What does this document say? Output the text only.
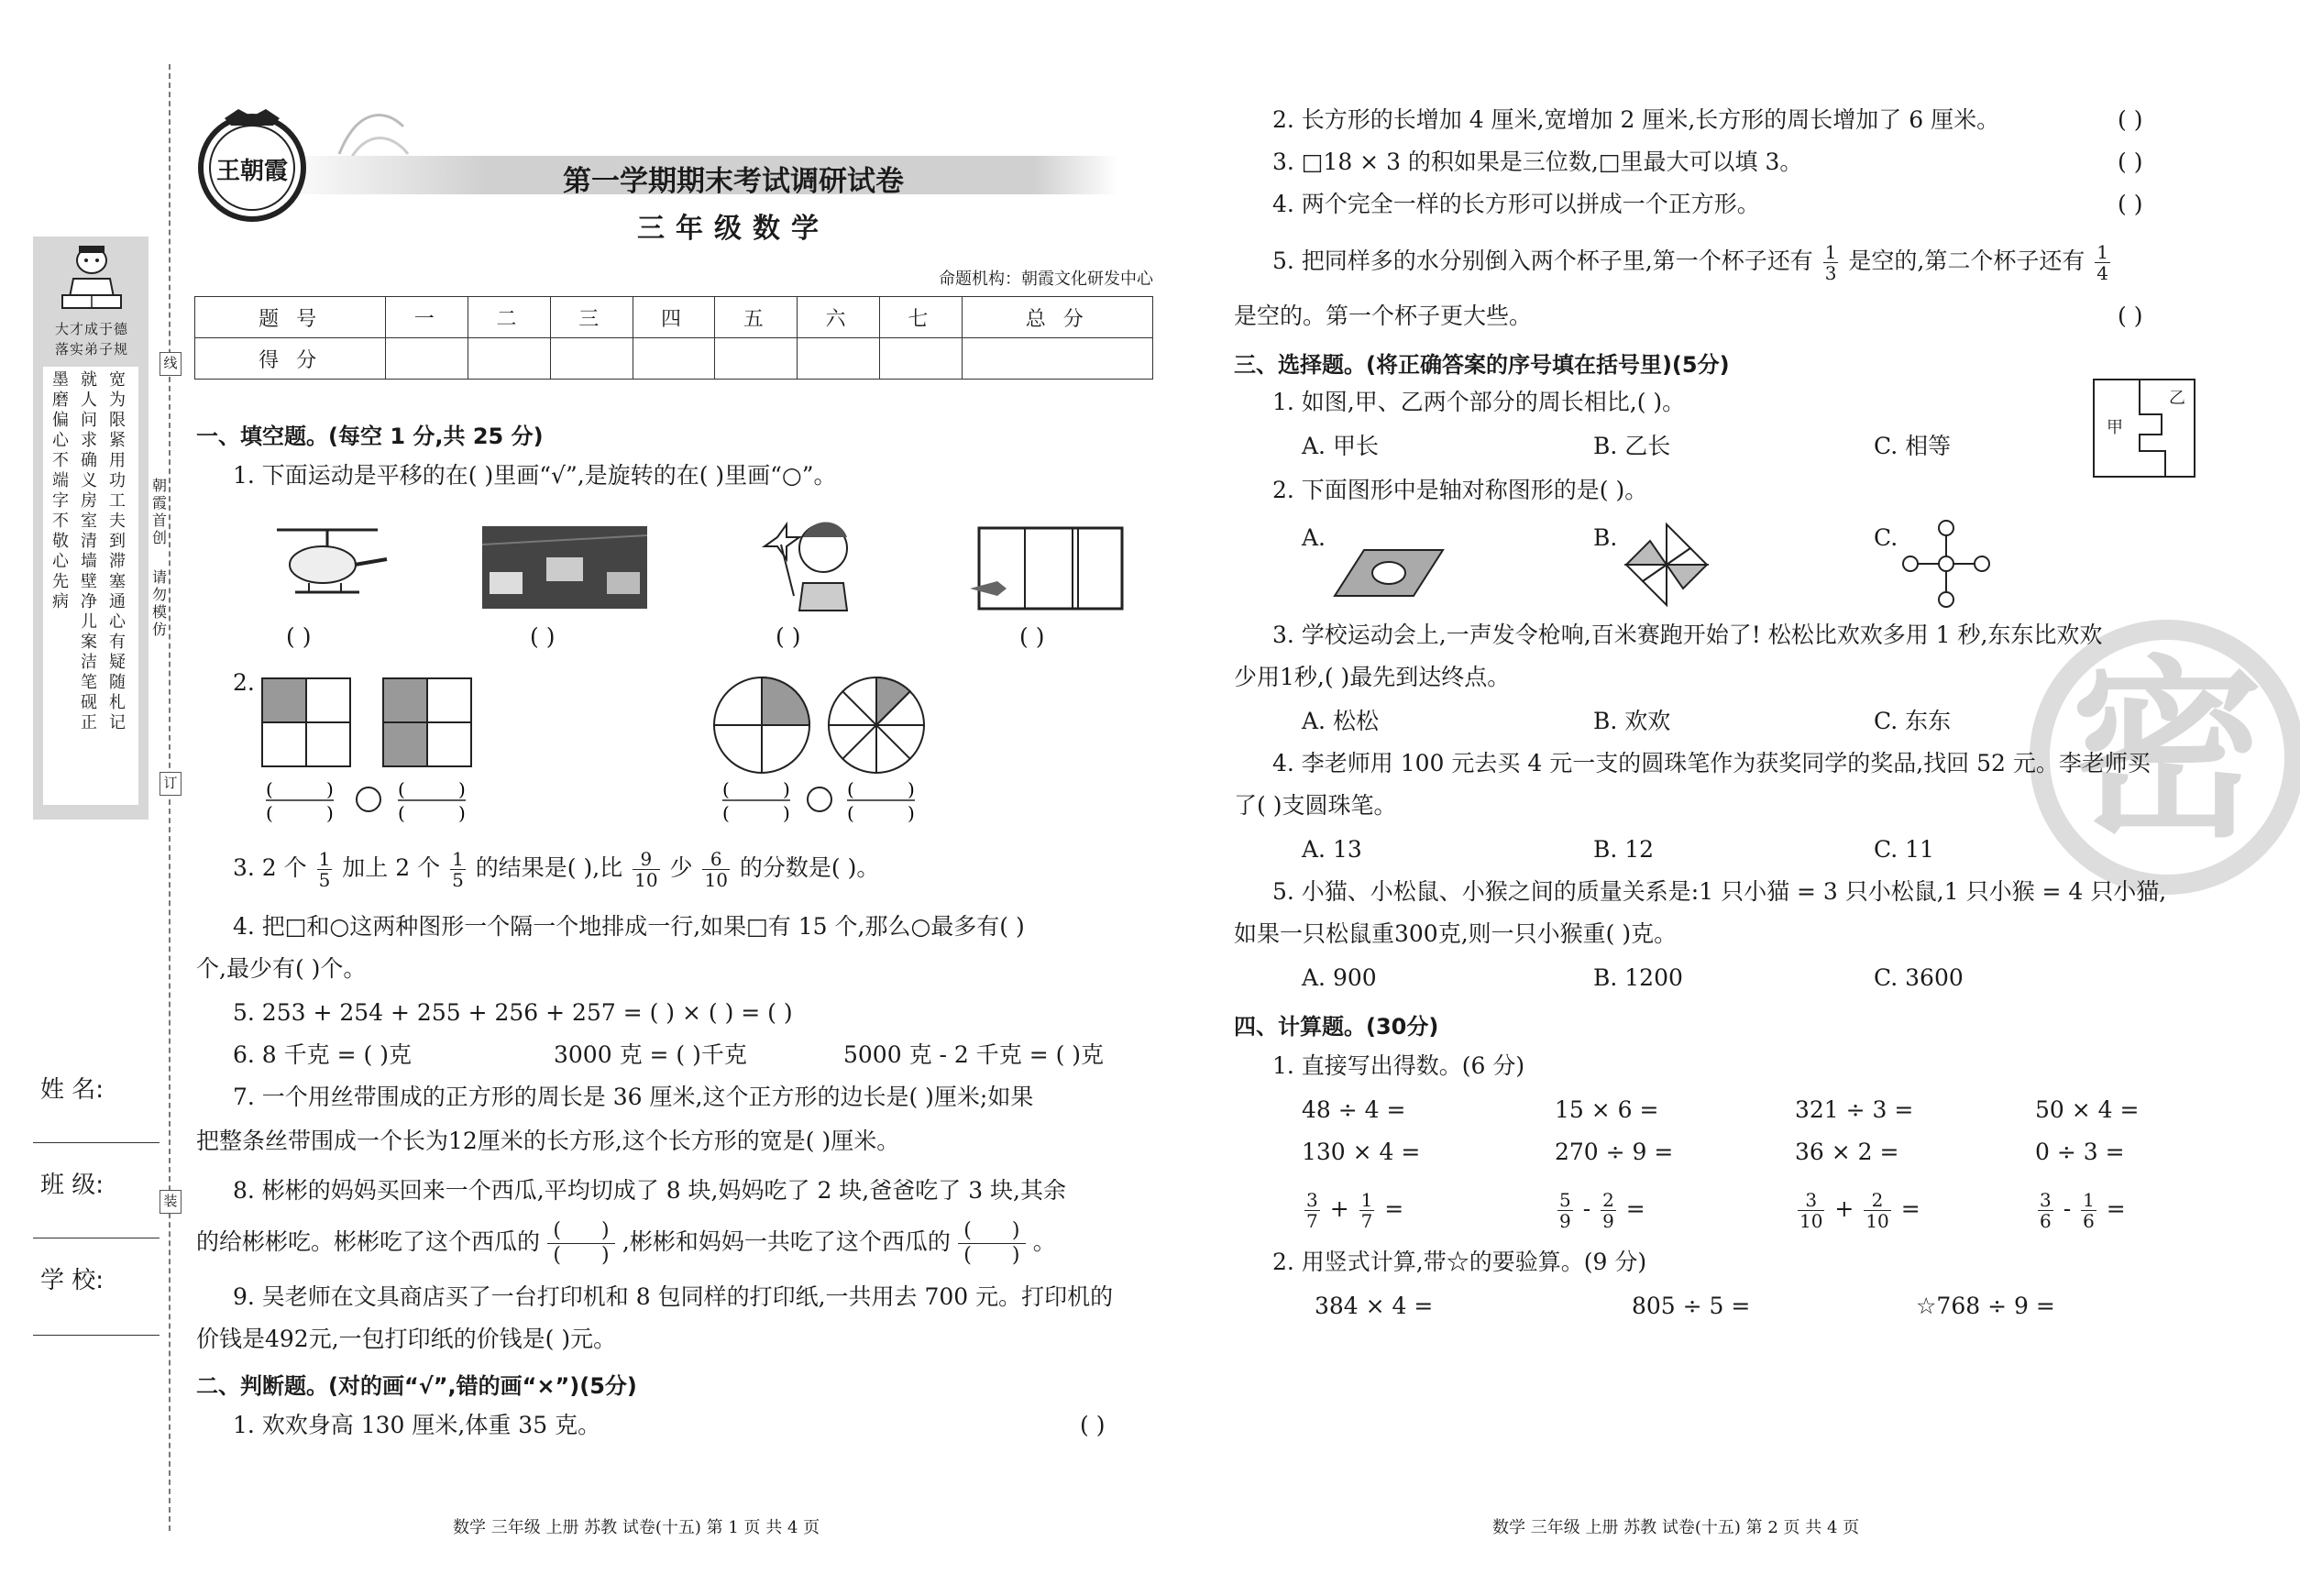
线
订
装
朝霞首创
请勿模仿
大才成于德
落实弟子规
宽为限紧用功工夫到滞塞通心有疑随札记
就人问求确义房室清墙壁净儿案洁笔砚正
墨磨偏心不端字不敬心先病
姓 名:
班 级:
学 校:
王朝霞	第一学期期末考试调研试卷
三年级数学
命题机构：朝霞文化研发中心
题 号	一	二	三	四	五	六	七	总 分
得 分								
一、填空题。(每空 1 分,共 25 分)
1. 下面运动是平移的在( )里画“√”,是旋转的在( )里画“○”。
( )	( )	( )	( )
2.
(	)
(	)
(	)
(	)
(	)
(	)
(	)
(	)
3. 2 个 $\frac{1}{5}$ 加上 2 个 $\frac{1}{5}$ 的结果是( ),比 $\frac{9}{10}$ 少 $\frac{6}{10}$ 的分数是( )。
4. 把□和○这两种图形一个隔一个地排成一行,如果□有 15 个,那么○最多有( )
个,最少有( )个。
5. 253 + 254 + 255 + 256 + 257 = ( ) × ( ) = ( )
6. 8 千克 = ( )克	3000 克 = ( )千克	5000 克 - 2 千克 = ( )克
7. 一个用丝带围成的正方形的周长是 36 厘米,这个正方形的边长是( )厘米;如果
把整条丝带围成一个长为12厘米的长方形,这个长方形的宽是( )厘米。
8. 彬彬的妈妈买回来一个西瓜,平均切成了 8 块,妈妈吃了 2 块,爸爸吃了 3 块,其余
的给彬彬吃。彬彬吃了这个西瓜的 (　　)
(　　) ,彬彬和妈妈一共吃了这个西瓜的 (　　)
(　　) 。
9. 吴老师在文具商店买了一台打印机和 8 包同样的打印纸,一共用去 700 元。打印机的
价钱是492元,一包打印纸的价钱是( )元。
二、判断题。(对的画“√”,错的画“×”)(5分)
1. 欢欢身高 130 厘米,体重 35 克。	( )
数学 三年级 上册 苏教 试卷(十五) 第 1 页 共 4 页
密
2. 长方形的长增加 4 厘米,宽增加 2 厘米,长方形的周长增加了 6 厘米。	( )
3. □18 × 3 的积如果是三位数,□里最大可以填 3。	( )
4. 两个完全一样的长方形可以拼成一个正方形。	( )
5. 把同样多的水分别倒入两个杯子里,第一个杯子还有 $\frac{1}{3}$ 是空的,第二个杯子还有 $\frac{1}{4}$
是空的。第一个杯子更大些。	( )
三、选择题。(将正确答案的序号填在括号里)(5分)
1. 如图,甲、乙两个部分的周长相比,( )。
A. 甲长	B. 乙长	C. 相等
甲
乙
2. 下面图形中是轴对称图形的是( )。
A.	B.	C.
3. 学校运动会上,一声发令枪响,百米赛跑开始了! 松松比欢欢多用 1 秒,东东比欢欢
少用1秒,( )最先到达终点。
A. 松松	B. 欢欢	C. 东东
4. 李老师用 100 元去买 4 元一支的圆珠笔作为获奖同学的奖品,找回 52 元。李老师买
了( )支圆珠笔。
A. 13	B. 12	C. 11
5. 小猫、小松鼠、小猴之间的质量关系是:1 只小猫 = 3 只小松鼠,1 只小猴 = 4 只小猫,
如果一只松鼠重300克,则一只小猴重( )克。
A. 900	B. 1200	C. 3600
四、计算题。(30分)
1. 直接写出得数。(6 分)
48 ÷ 4 =	15 × 6 =	321 ÷ 3 =	50 × 4 =
130 × 4 =	270 ÷ 9 =	36 × 2 =	0 ÷ 3 =
$\frac{3}{7} + \frac{1}{7}$ =	$\frac{5}{9} - \frac{2}{9}$ =	$\frac{3}{10} + \frac{2}{10}$ =	$\frac{3}{6} - \frac{1}{6}$ =
2. 用竖式计算,带☆的要验算。(9 分)
384 × 4 =	805 ÷ 5 =	☆768 ÷ 9 =
数学 三年级 上册 苏教 试卷(十五) 第 2 页 共 4 页
